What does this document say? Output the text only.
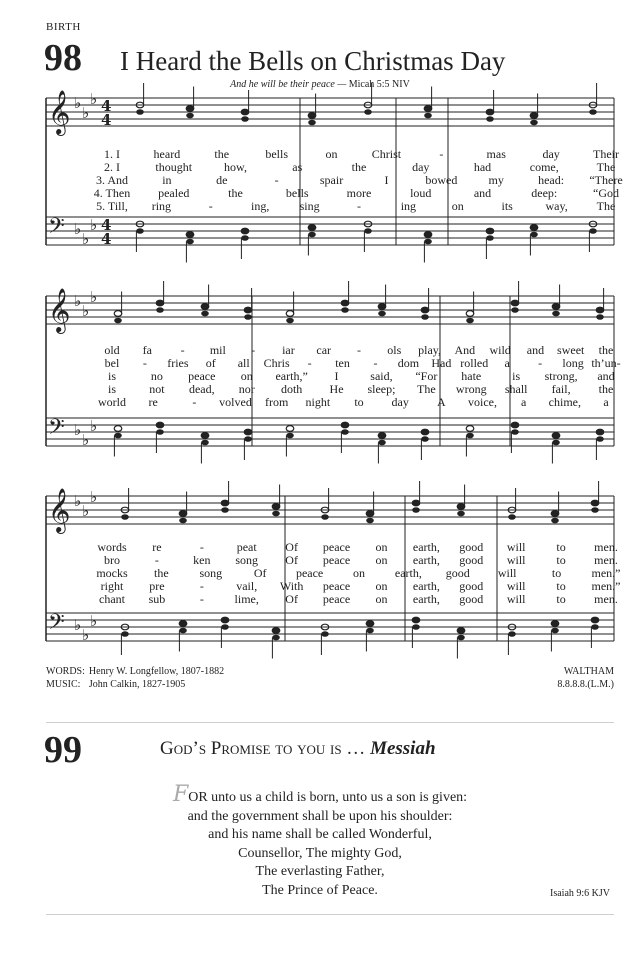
BIRTH
98 I Heard the Bells on Christmas Day
And he will be their peace — Micah 5:5 NIV
𝄞 ♭
♭
♭ 4
4
𝄢 ♭
♭
♭ 4
4
𝄞 ♭
♭
♭
𝄢 ♭
♭
♭
𝄞 ♭
♭
♭
𝄢 ♭
♭
♭
1. I	heard	the	bells	on	Christ	-	mas	day	Their
2. I	thought	how,	as	the	day	had	come,	The
3. And	in	de	-	spair	I	bowed	my	head: “There
4. Then pealed	the	bells	more	loud	and	deep:	“God
5. Till, ring	-	ing,	sing	-	ing	on	its	way, The
old fa - mil - iar car - ols play, And wild and sweet the
bel - fries of all Chris - ten - dom Had rolled a - long th’un-
is	no peace on earth,” I	said, “For hate	is strong, and
is	not dead, nor doth He sleep; The wrong shall fail, the
world re	- volved from night to day A voice, a chime, a
words re	-	peat Of peace on earth, good will	to men.
bro	-	ken song Of peace on earth, good will	to men.
mocks the	song	Of peace on earth, good will	to	men.”
right pre	-	vail, With peace on earth, good will	to men.”
chant sub	-	lime, Of peace on earth, good will	to men.
WORDS:	Henry W. Longfellow, 1807-1882
MUSIC:	John Calkin, 1827-1905
WALTHAM
8.8.8.8.(L.M.)
99	God’s Promise to you is … Messiah
FOR unto us a child is born, unto us a son is given:
and the government shall be upon his shoulder:
and his name shall be called Wonderful,
Counsellor, The mighty God,
The everlasting Father,
The Prince of Peace.	Isaiah 9:6 KJV
